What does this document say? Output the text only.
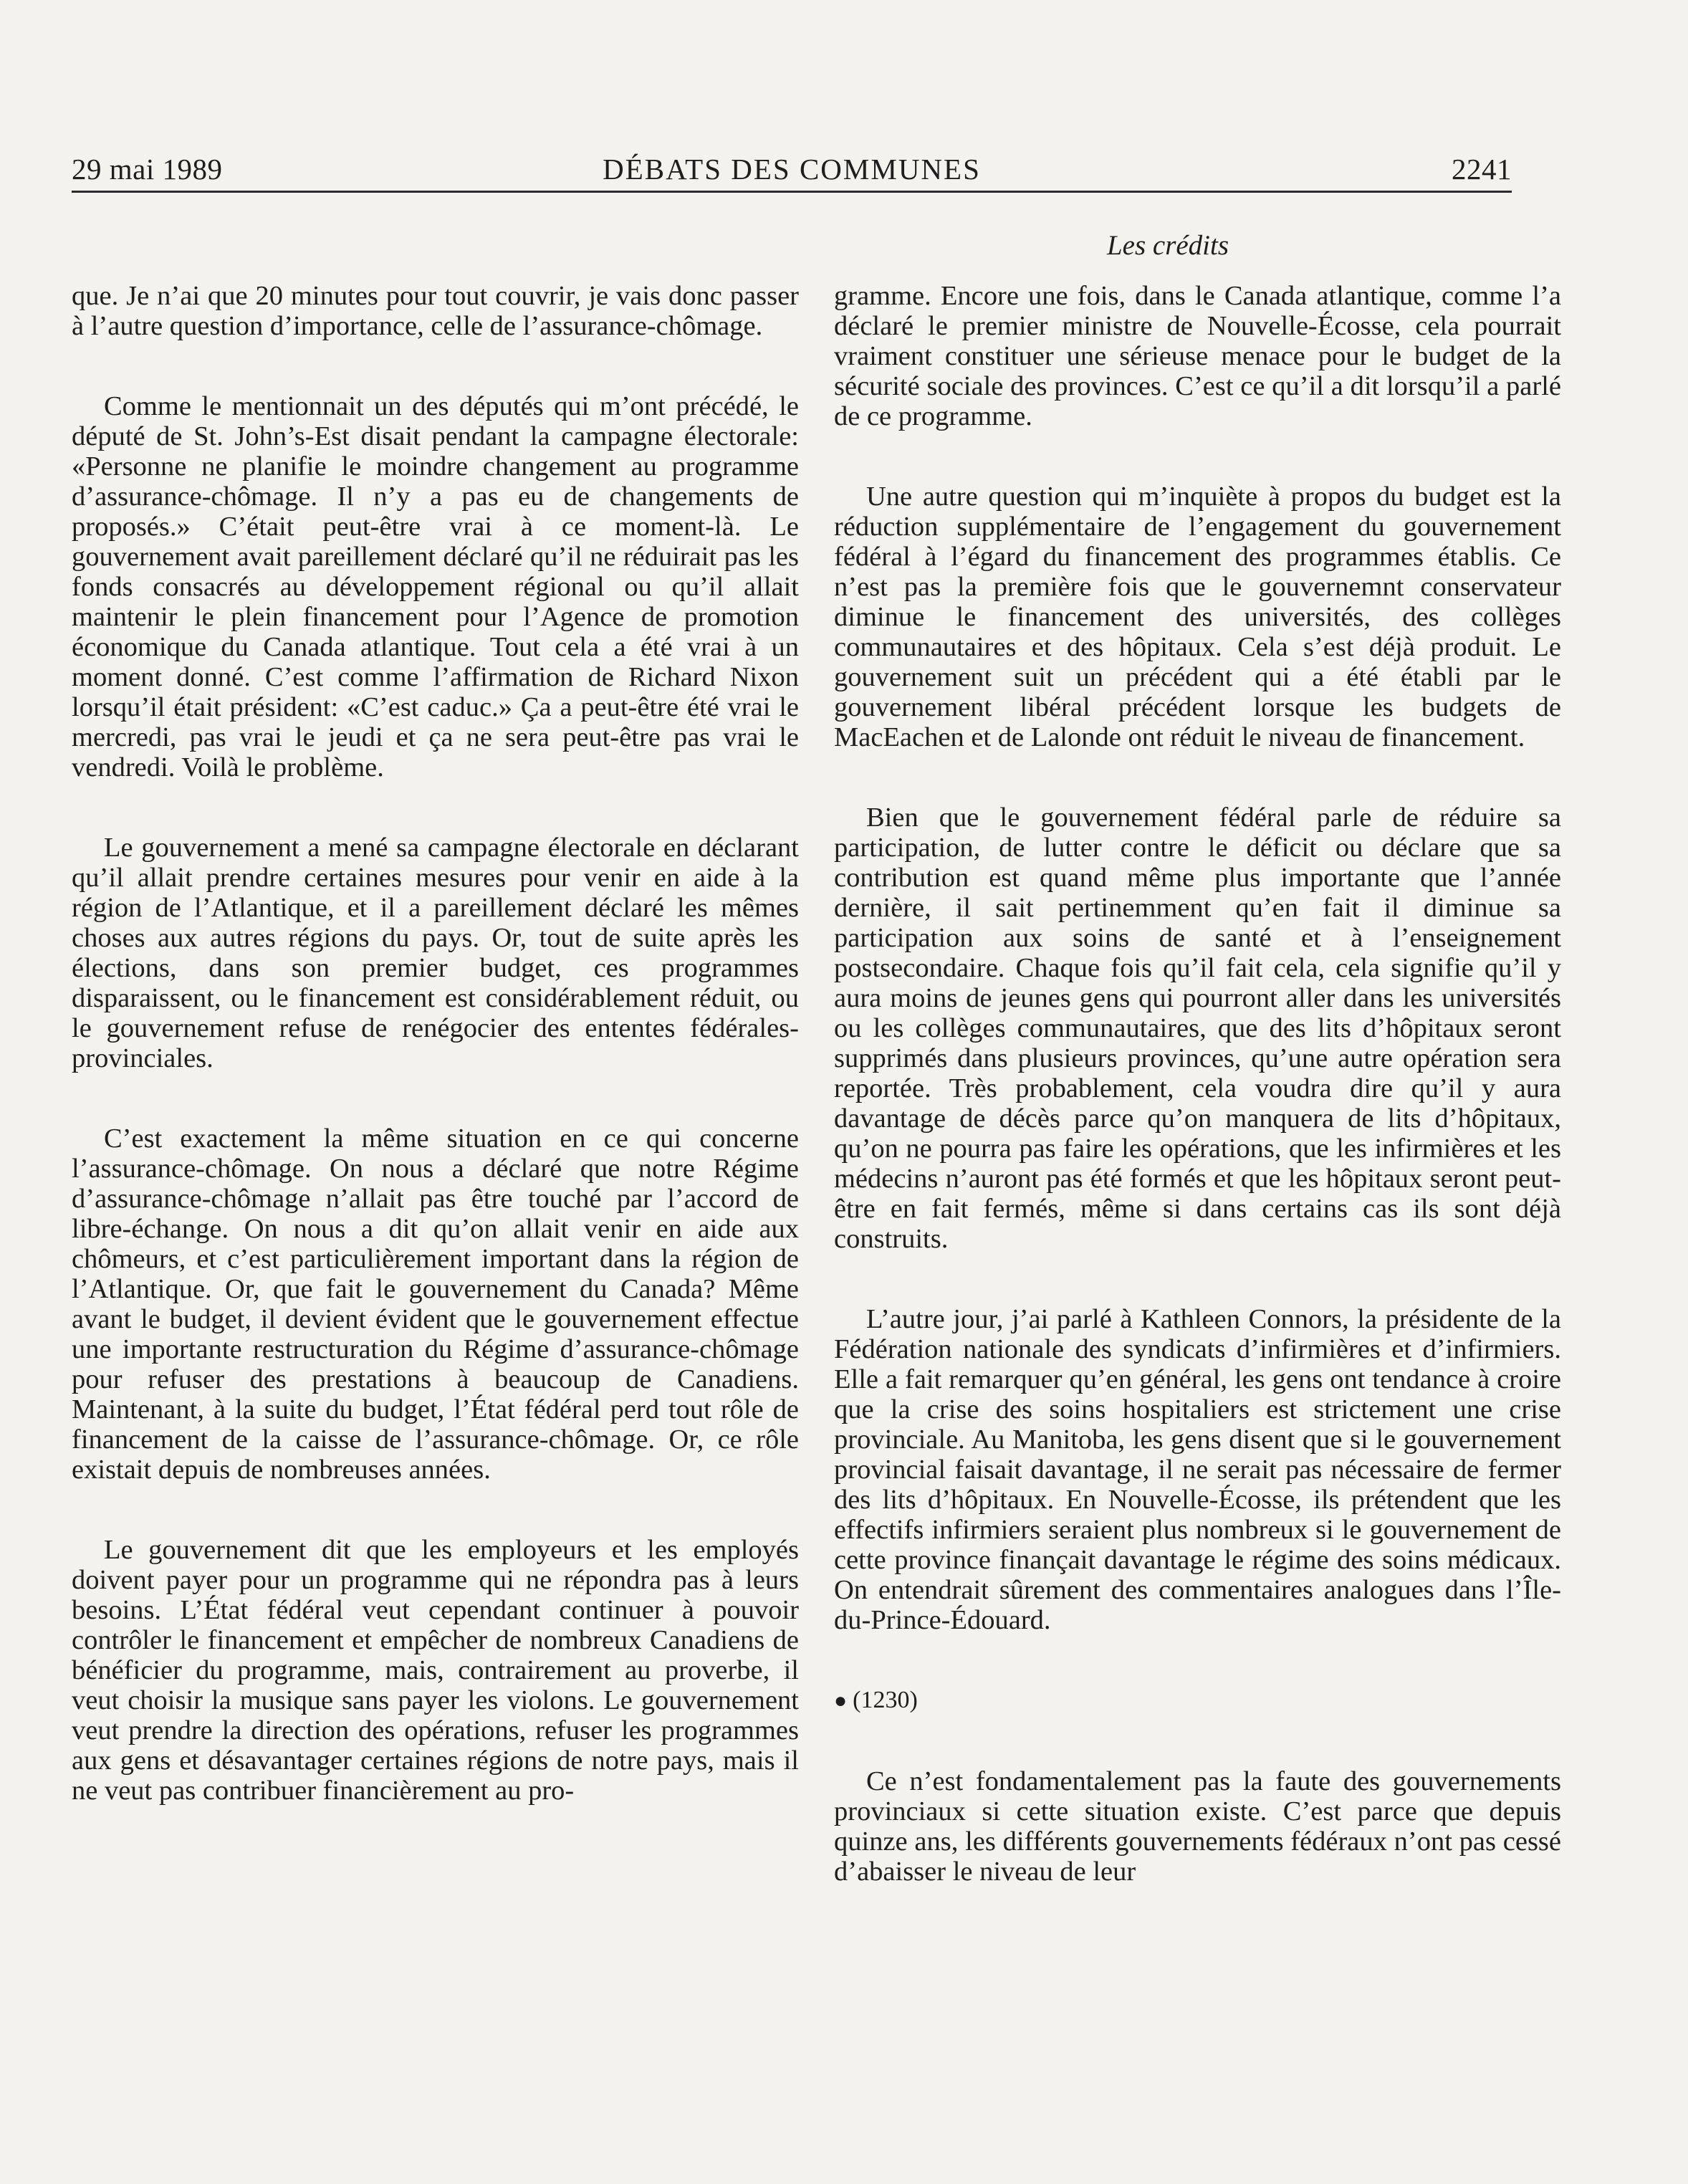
29 mai 1989	DÉBATS DES COMMUNES	2241
Les crédits

que. Je n’ai que 20 minutes pour tout couvrir, je vais donc passer à l’autre question d’importance, celle de l’assurance-chômage.

Comme le mentionnait un des députés qui m’ont précédé, le député de St. John’s-Est disait pendant la campagne électorale: «Personne ne planifie le moindre changement au programme d’assurance-chômage. Il n’y a pas eu de changements de proposés.» C’était peut-être vrai à ce moment-là. Le gouvernement avait pareillement déclaré qu’il ne réduirait pas les fonds consacrés au développement régional ou qu’il allait maintenir le plein financement pour l’Agence de promotion économique du Canada atlantique. Tout cela a été vrai à un moment donné. C’est comme l’affirmation de Richard Nixon lorsqu’il était président: «C’est caduc.» Ça a peut-être été vrai le mercredi, pas vrai le jeudi et ça ne sera peut-être pas vrai le vendredi. Voilà le problème.

Le gouvernement a mené sa campagne électorale en déclarant qu’il allait prendre certaines mesures pour venir en aide à la région de l’Atlantique, et il a pareillement déclaré les mêmes choses aux autres régions du pays. Or, tout de suite après les élections, dans son premier budget, ces programmes disparaissent, ou le financement est considérablement réduit, ou le gouvernement refuse de renégocier des ententes fédérales-provinciales.

C’est exactement la même situation en ce qui concerne l’assurance-chômage. On nous a déclaré que notre Régime d’assurance-chômage n’allait pas être touché par l’accord de libre-échange. On nous a dit qu’on allait venir en aide aux chômeurs, et c’est particulièrement important dans la région de l’Atlantique. Or, que fait le gouvernement du Canada? Même avant le budget, il devient évident que le gouvernement effectue une importante restructuration du Régime d’assurance-chômage pour refuser des prestations à beaucoup de Canadiens. Maintenant, à la suite du budget, l’État fédéral perd tout rôle de financement de la caisse de l’assurance-chômage. Or, ce rôle existait depuis de nombreuses années.

Le gouvernement dit que les employeurs et les employés doivent payer pour un programme qui ne répondra pas à leurs besoins. L’État fédéral veut cependant continuer à pouvoir contrôler le financement et empêcher de nombreux Canadiens de bénéficier du programme, mais, contrairement au proverbe, il veut choisir la musique sans payer les violons. Le gouvernement veut prendre la direction des opérations, refuser les programmes aux gens et désavantager certaines régions de notre pays, mais il ne veut pas contribuer financièrement au pro-

gramme. Encore une fois, dans le Canada atlantique, comme l’a déclaré le premier ministre de Nouvelle-Écosse, cela pourrait vraiment constituer une sérieuse menace pour le budget de la sécurité sociale des provinces. C’est ce qu’il a dit lorsqu’il a parlé de ce programme.

Une autre question qui m’inquiète à propos du budget est la réduction supplémentaire de l’engagement du gouvernement fédéral à l’égard du financement des programmes établis. Ce n’est pas la première fois que le gouvernemnt conservateur diminue le financement des universités, des collèges communautaires et des hôpitaux. Cela s’est déjà produit. Le gouvernement suit un précédent qui a été établi par le gouvernement libéral précédent lorsque les budgets de MacEachen et de Lalonde ont réduit le niveau de financement.

Bien que le gouvernement fédéral parle de réduire sa participation, de lutter contre le déficit ou déclare que sa contribution est quand même plus importante que l’année dernière, il sait pertinemment qu’en fait il diminue sa participation aux soins de santé et à l’enseignement postsecondaire. Chaque fois qu’il fait cela, cela signifie qu’il y aura moins de jeunes gens qui pourront aller dans les universités ou les collèges communautaires, que des lits d’hôpitaux seront supprimés dans plusieurs provinces, qu’une autre opération sera reportée. Très probablement, cela voudra dire qu’il y aura davantage de décès parce qu’on manquera de lits d’hôpitaux, qu’on ne pourra pas faire les opérations, que les infirmières et les médecins n’auront pas été formés et que les hôpitaux seront peut-être en fait fermés, même si dans certains cas ils sont déjà construits.

L’autre jour, j’ai parlé à Kathleen Connors, la présidente de la Fédération nationale des syndicats d’infirmières et d’infirmiers. Elle a fait remarquer qu’en général, les gens ont tendance à croire que la crise des soins hospitaliers est strictement une crise provinciale. Au Manitoba, les gens disent que si le gouvernement provincial faisait davantage, il ne serait pas nécessaire de fermer des lits d’hôpitaux. En Nouvelle-Écosse, ils prétendent que les effectifs infirmiers seraient plus nombreux si le gouvernement de cette province finançait davantage le régime des soins médicaux. On entendrait sûrement des commentaires analogues dans l’Île-du-Prince-Édouard.

● (1230)

Ce n’est fondamentalement pas la faute des gouvernements provinciaux si cette situation existe. C’est parce que depuis quinze ans, les différents gouvernements fédéraux n’ont pas cessé d’abaisser le niveau de leur
